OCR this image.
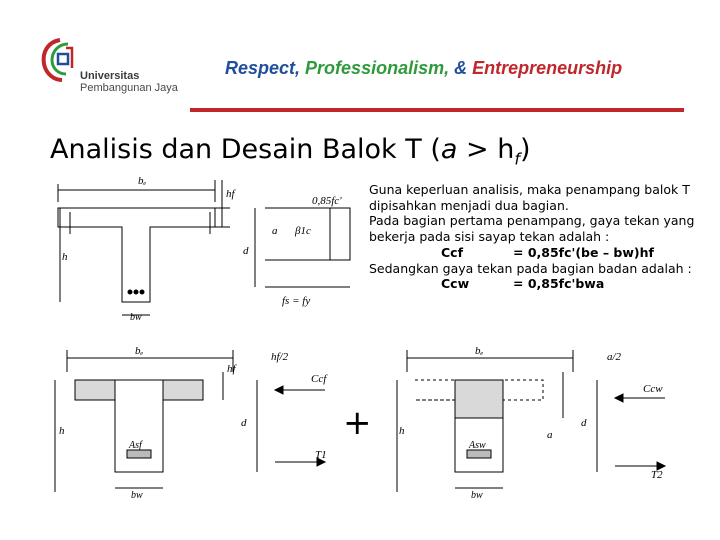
Universitas
Pembangunan Jaya
Respect, Professionalism, & Entrepreneurship
Analisis dan Desain Balok T $(a > h_f)$

Guna keperluan analisis, maka penampang balok T

dipisahkan menjadi dua bagian.

Pada bagian pertama penampang, gaya tekan yang

bekerja pada sisi sayap tekan adalah :

Ccf	= 0,85fc'(be – bw)hf

Sedangkan gaya tekan pada bagian badan adalah :

Ccw	= 0,85fc'bwa

bₑ
hf
0,85fc'
a β1c
h	d
bw
fs = fy
bₑ
hf
hf/2
Ccf
h
d
Asf
T1
bw
+
bₑ	a/2
Ccw
h
d
a
Asw
T2
bw
